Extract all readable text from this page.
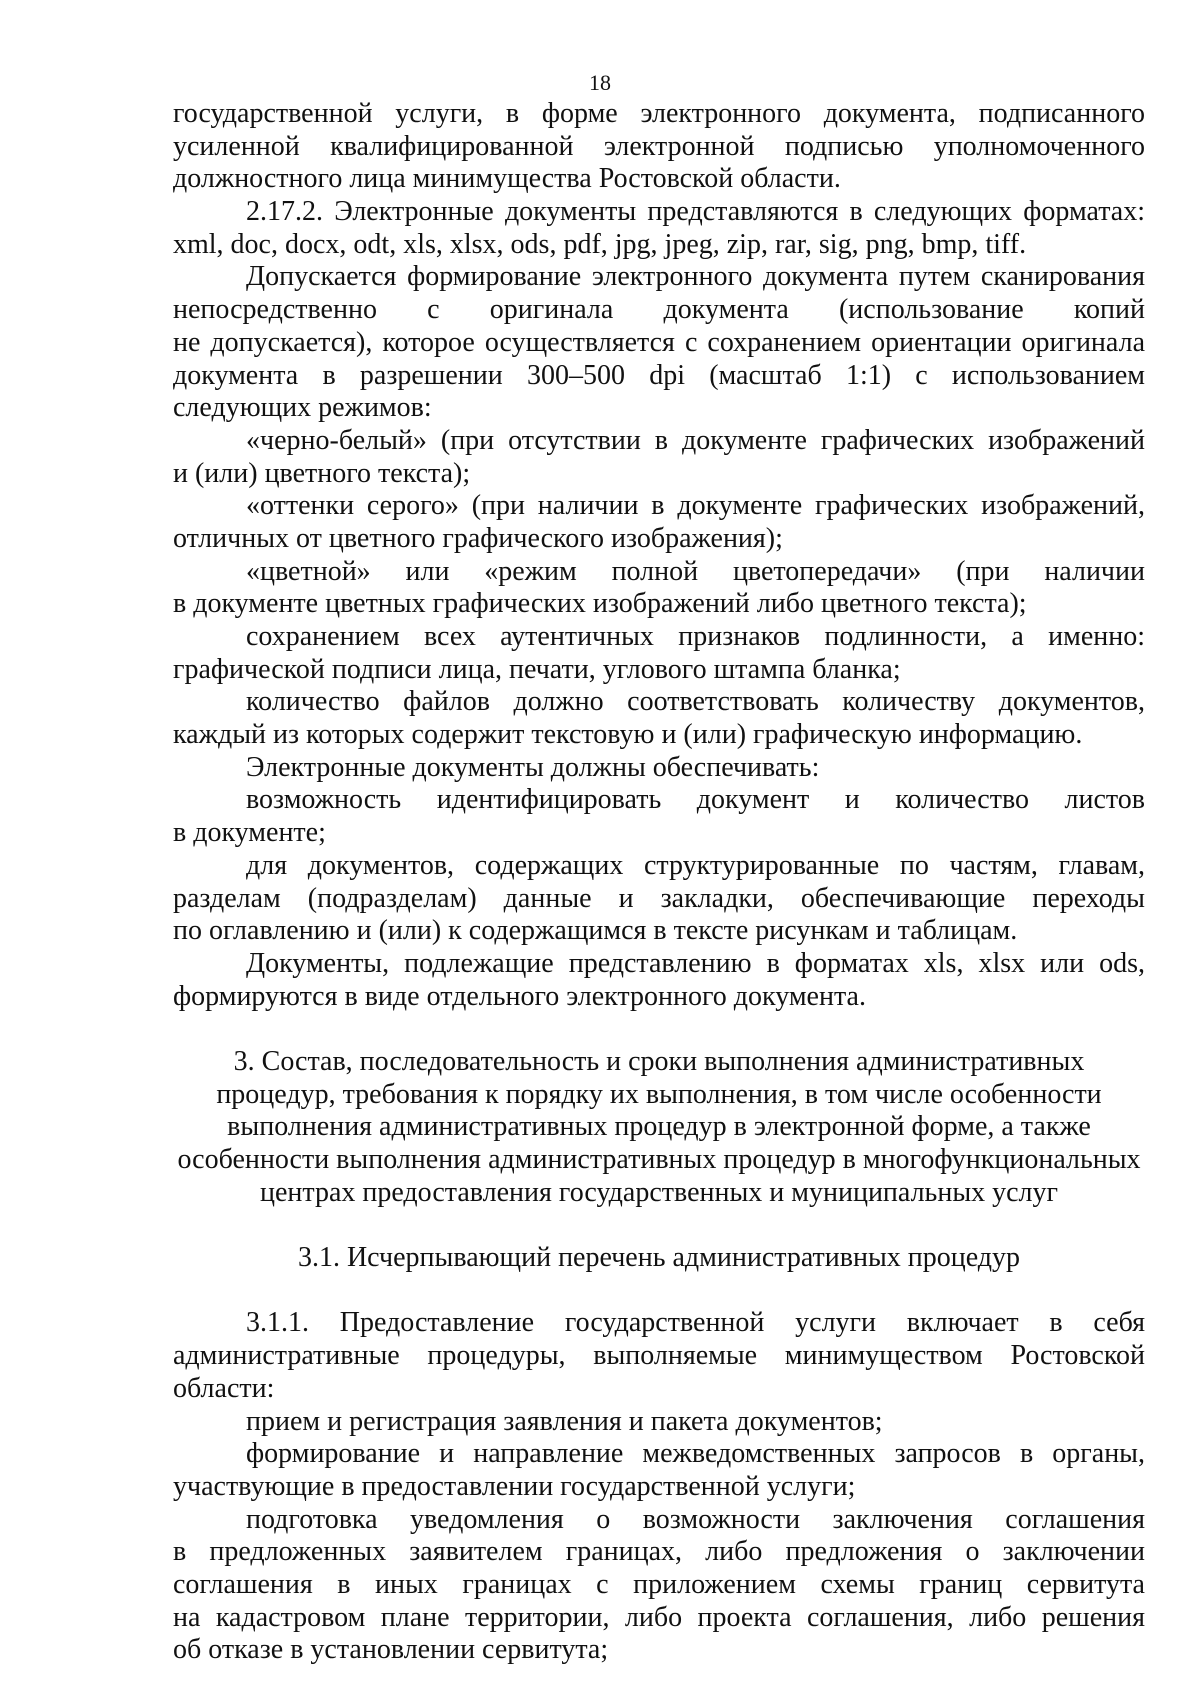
18
государственной услуги, в форме электронного документа, подписанного
усиленной квалифицированной электронной подписью уполномоченного
должностного лица минимущества Ростовской области.
2.17.2. Электронные документы представляются в следующих форматах:
xml, doc, docx, odt, xls, xlsx, ods, pdf, jpg, jpeg, zip, rar, sig, png, bmp, tiff.
Допускается формирование электронного документа путем сканирования
непосредственно с оригинала документа (использование копий
не допускается), которое осуществляется с сохранением ориентации оригинала
документа в разрешении 300–500 dpi (масштаб 1:1) с использованием
следующих режимов:
«черно-белый» (при отсутствии в документе графических изображений
и (или) цветного текста);
«оттенки серого» (при наличии в документе графических изображений,
отличных от цветного графического изображения);
«цветной» или «режим полной цветопередачи» (при наличии
в документе цветных графических изображений либо цветного текста);
сохранением всех аутентичных признаков подлинности, а именно:
графической подписи лица, печати, углового штампа бланка;
количество файлов должно соответствовать количеству документов,
каждый из которых содержит текстовую и (или) графическую информацию.
Электронные документы должны обеспечивать:
возможность идентифицировать документ и количество листов
в документе;
для документов, содержащих структурированные по частям, главам,
разделам (подразделам) данные и закладки, обеспечивающие переходы
по оглавлению и (или) к содержащимся в тексте рисункам и таблицам.
Документы, подлежащие представлению в форматах xls, xlsx или ods,
формируются в виде отдельного электронного документа.
3. Состав, последовательность и сроки выполнения административных
процедур, требования к порядку их выполнения, в том числе особенности
выполнения административных процедур в электронной форме, а также
особенности выполнения административных процедур в многофункциональных
центрах предоставления государственных и муниципальных услуг
3.1. Исчерпывающий перечень административных процедур
3.1.1. Предоставление государственной услуги включает в себя
административные процедуры, выполняемые минимуществом Ростовской
области:
прием и регистрация заявления и пакета документов;
формирование и направление межведомственных запросов в органы,
участвующие в предоставлении государственной услуги;
подготовка уведомления о возможности заключения соглашения
в предложенных заявителем границах, либо предложения о заключении
соглашения в иных границах с приложением схемы границ сервитута
на кадастровом плане территории, либо проекта соглашения, либо решения
об отказе в установлении сервитута;
